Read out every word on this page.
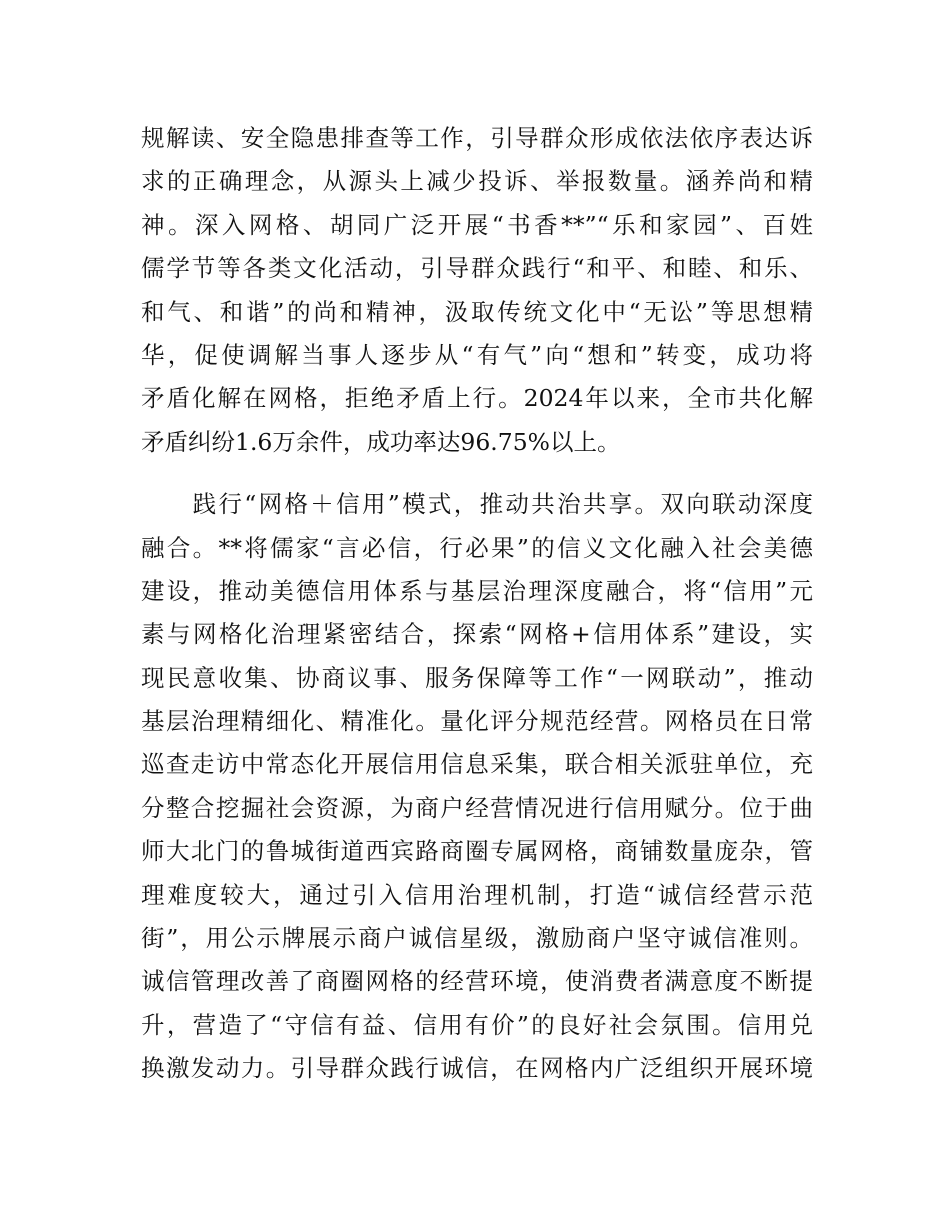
规解读、安全隐患排查等工作，引导群众形成依法依序表达诉
求的正确理念，从源头上减少投诉、举报数量。涵养尚和精
神。深入网格、胡同广泛开展“书香**”“乐和家园”、百姓
儒学节等各类文化活动，引导群众践行“和平、和睦、和乐、
和气、和谐”的尚和精神，汲取传统文化中“无讼”等思想精
华，促使调解当事人逐步从“有气”向“想和”转变，成功将
矛盾化解在网格，拒绝矛盾上行。2024年以来，全市共化解
矛盾纠纷1.6万余件，成功率达96.75%以上。
　　践行“网格＋信用”模式，推动共治共享。双向联动深度
融合。**将儒家“言必信，行必果”的信义文化融入社会美德
建设，推动美德信用体系与基层治理深度融合，将“信用”元
素与网格化治理紧密结合，探索“网格+信用体系”建设，实
现民意收集、协商议事、服务保障等工作“一网联动”，推动
基层治理精细化、精准化。量化评分规范经营。网格员在日常
巡查走访中常态化开展信用信息采集，联合相关派驻单位，充
分整合挖掘社会资源，为商户经营情况进行信用赋分。位于曲
师大北门的鲁城街道西宾路商圈专属网格，商铺数量庞杂，管
理难度较大，通过引入信用治理机制，打造“诚信经营示范
街”，用公示牌展示商户诚信星级，激励商户坚守诚信准则。
诚信管理改善了商圈网格的经营环境，使消费者满意度不断提
升，营造了“守信有益、信用有价”的良好社会氛围。信用兑
换激发动力。引导群众践行诚信，在网格内广泛组织开展环境
